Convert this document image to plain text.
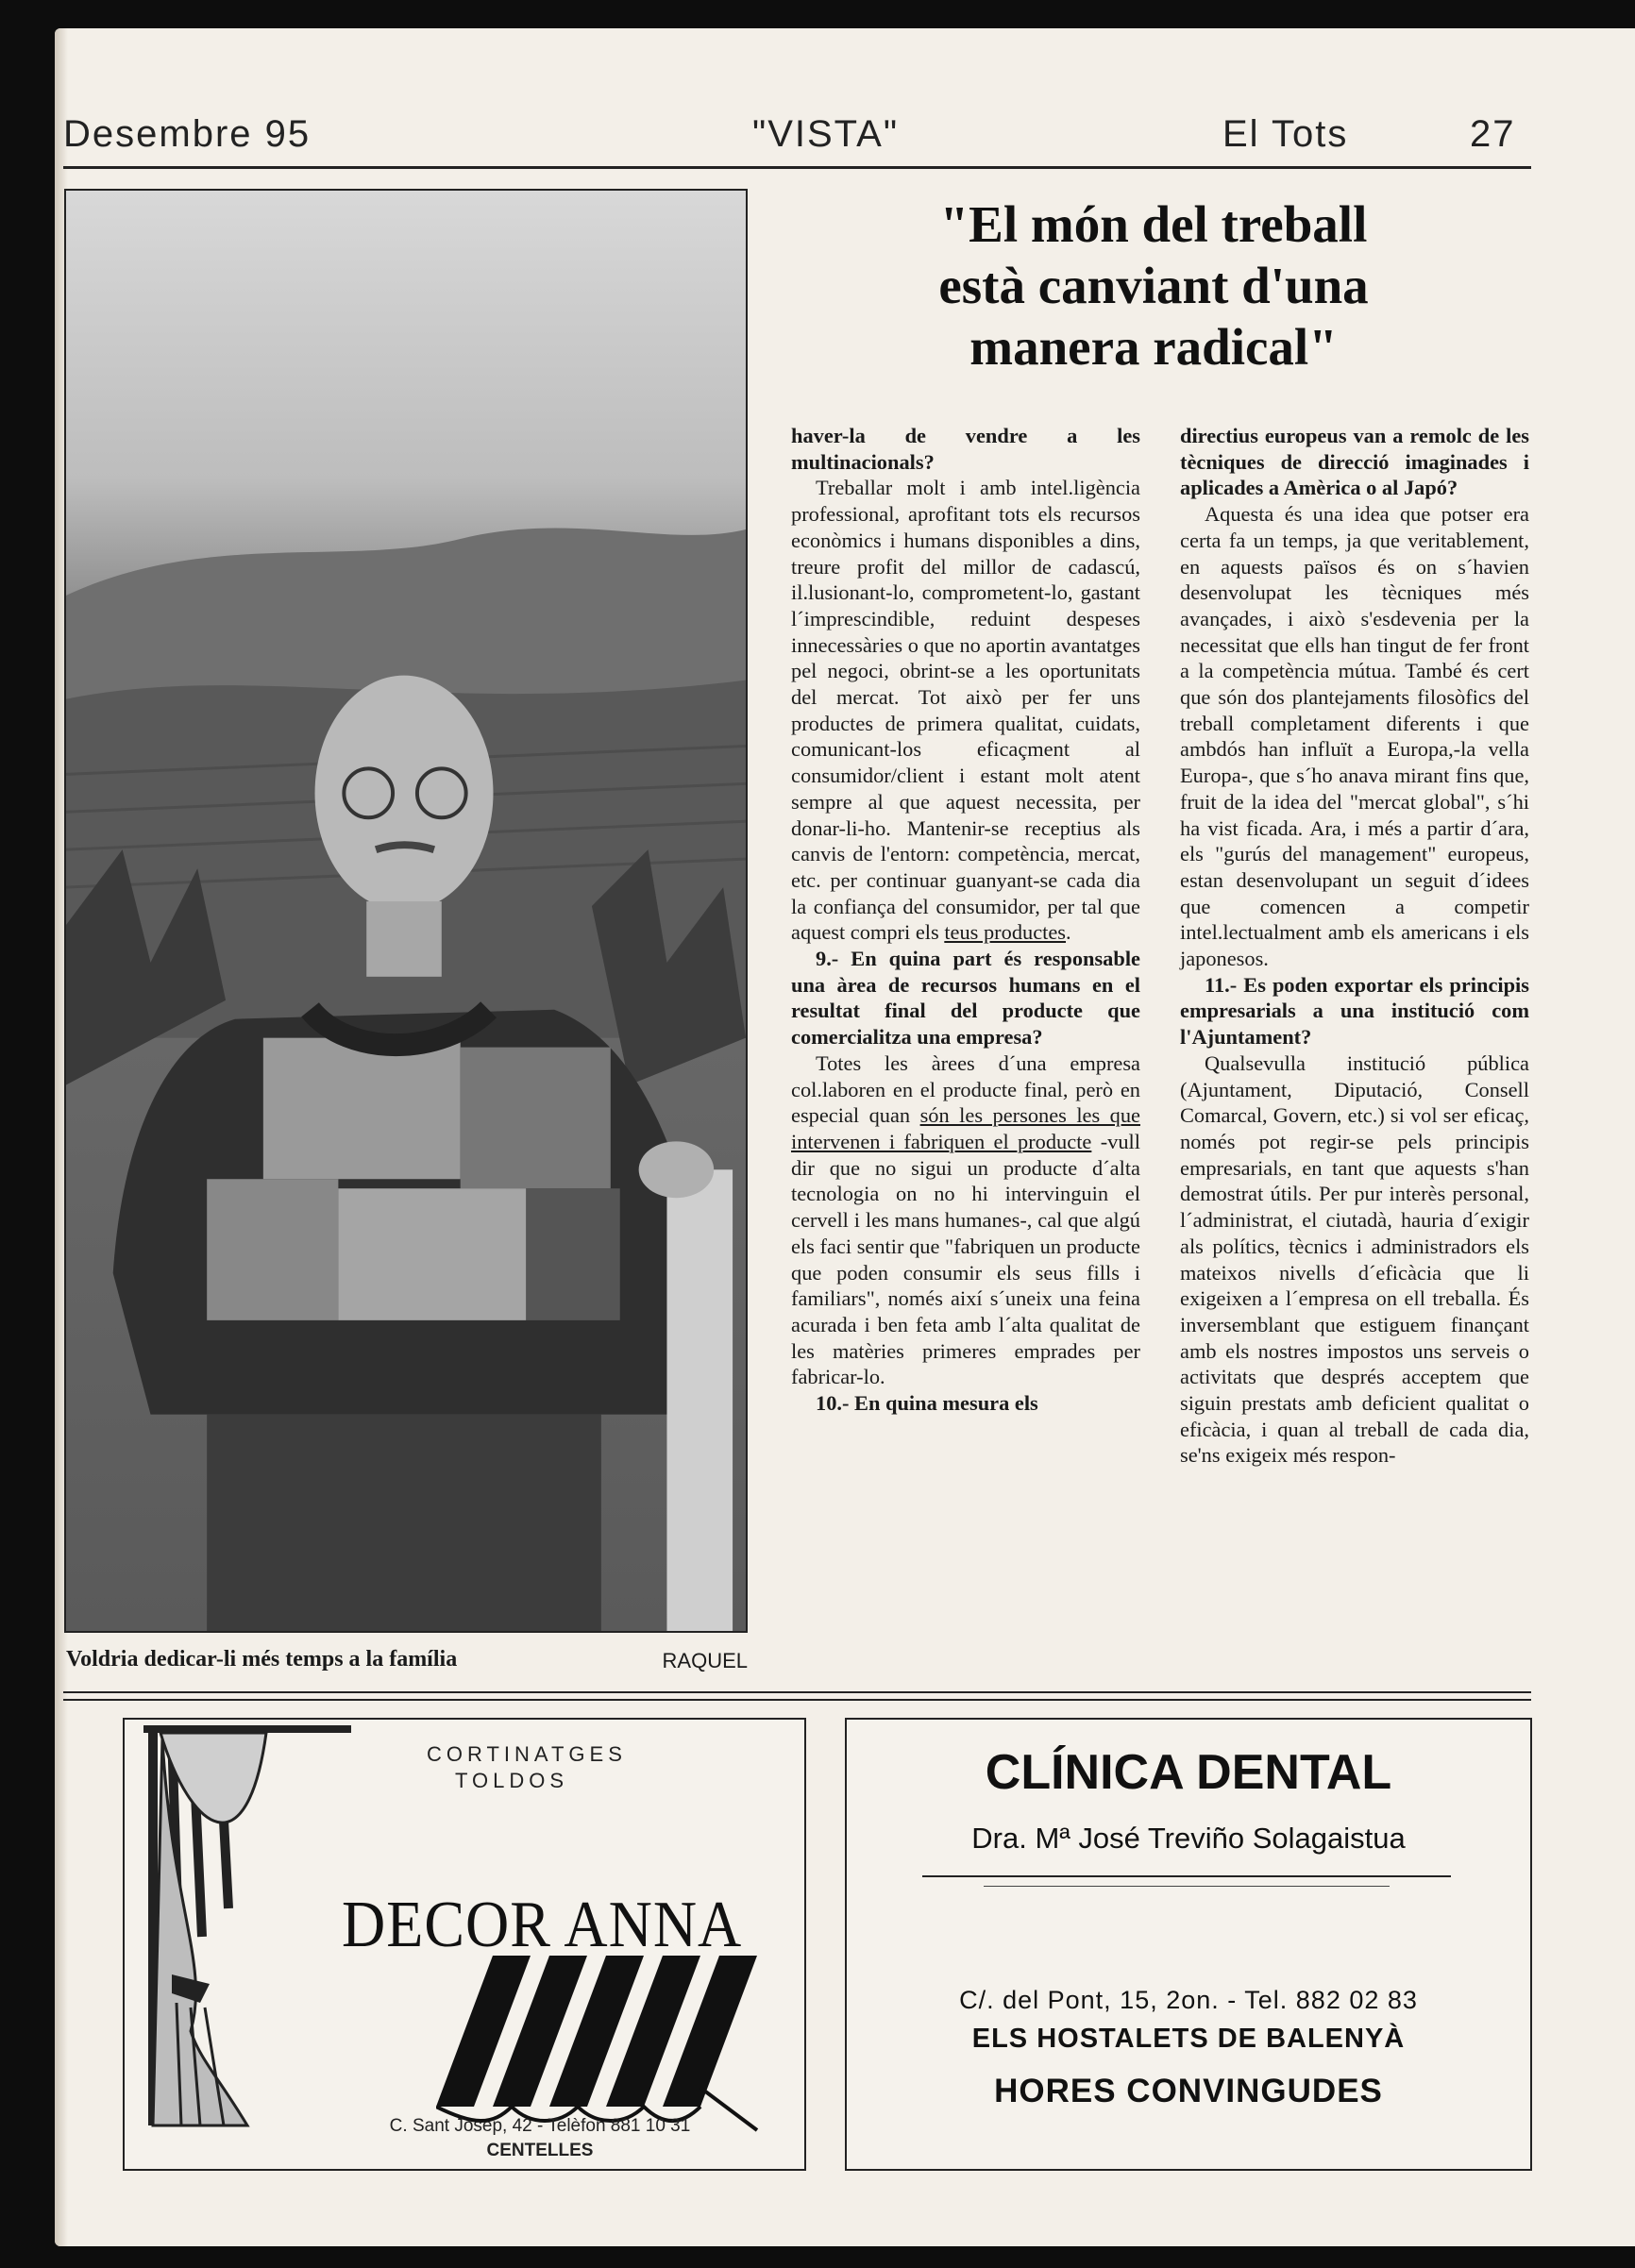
Desembre 95	"VISTA"	El Tots	27
Voldria dedicar-li més temps a la família	RAQUEL
"El món del treball
està canviant d'una
manera radical"

haver-la de vendre a les multinacionals?

Treballar molt i amb intel.ligència professional, aprofitant tots els recursos econòmics i humans disponibles a dins, treure profit del millor de cadascú, il.lusionant-lo, comprometent-lo, gastant l´imprescindible, reduint despeses innecessàries o que no aportin avantatges pel negoci, obrint-se a les oportunitats del mercat. Tot això per fer uns productes de primera qualitat, cuidats, comunicant-los eficaçment al consumidor/client i estant molt atent sempre al que aquest necessita, per donar-li-ho. Mantenir-se receptius als canvis de l'entorn: competència, mercat, etc. per continuar guanyant-se cada dia la confiança del consumidor, per tal que aquest compri els teus productes.

9.- En quina part és responsable una àrea de recursos humans en el resultat final del producte que comercialitza una empresa?

Totes les àrees d´una empresa col.laboren en el producte final, però en especial quan són les persones les que intervenen i fabriquen el producte -vull dir que no sigui un producte d´alta tecnologia on no hi intervinguin el cervell i les mans humanes-, cal que algú els faci sentir que "fabriquen un producte que poden consumir els seus fills i familiars", només així s´uneix una feina acurada i ben feta amb l´alta qualitat de les matèries primeres emprades per fabricar-lo.

10.- En quina mesura els

directius europeus van a remolc de les tècniques de direcció imaginades i aplicades a Amèrica o al Japó?

Aquesta és una idea que potser era certa fa un temps, ja que veritablement, en aquests països és on s´havien desenvolupat les tècniques més avançades, i això s'esdevenia per la necessitat que ells han tingut de fer front a la competència mútua. També és cert que són dos plantejaments filosòfics del treball completament diferents i que ambdós han influït a Europa,-la vella Europa-, que s´ho anava mirant fins que, fruit de la idea del "mercat global", s´hi ha vist ficada. Ara, i més a partir d´ara, els "gurús del management" europeus, estan desenvolupant un seguit d´idees que comencen a competir intel.lectualment amb els americans i els japonesos.

11.- Es poden exportar els principis empresarials a una institució com l'Ajuntament?

Qualsevulla institució pública (Ajuntament, Diputació, Consell Comarcal, Govern, etc.) si vol ser eficaç, només pot regir-se pels principis empresarials, en tant que aquests s'han demostrat útils. Per pur interès personal, l´administrat, el ciutadà, hauria d´exigir als polítics, tècnics i administradors els mateixos nivells d´eficàcia que li exigeixen a l´empresa on ell treballa. És inversemblant que estiguem finançant amb els nostres impostos uns serveis o activitats que després acceptem que siguin prestats amb deficient qualitat o eficàcia, i quan al treball de cada dia, se'ns exigeix més respon-

CORTINATGES
TOLDOS
DECOR ANNA
C. Sant Josep, 42 - Telèfon 881 10 31
CENTELLES
CLÍNICA DENTAL
Dra. Mª José Treviño Solagaistua
C/. del Pont, 15, 2on. - Tel. 882 02 83
ELS HOSTALETS DE BALENYÀ
HORES CONVINGUDES
